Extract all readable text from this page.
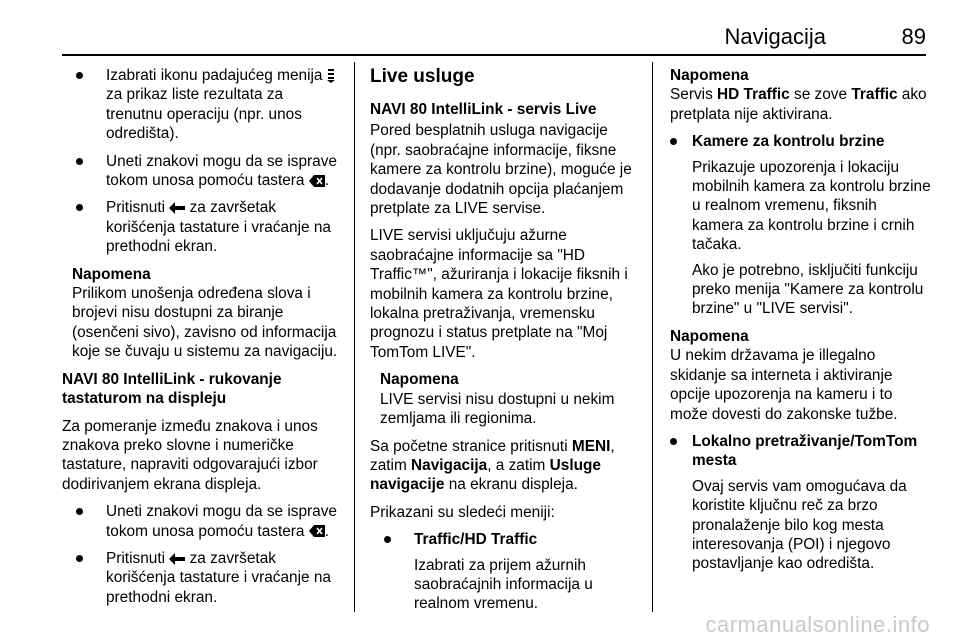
Navigacija	89
Izabrati ikonu padajućeg menija  za prikaz liste rezultata za trenutnu operaciju (npr. unos odredišta).
Uneti znakovi mogu da se isprave tokom unosa pomoću tastera .
Pritisnuti  za završetak korišćenja tastature i vraćanje na prethodni ekran.
Napomena
Prilikom unošenja određena slova i brojevi nisu dostupni za biranje (osenčeni sivo), zavisno od informacija koje se čuvaju u sistemu za navigaciju.

NAVI 80 IntelliLink - rukovanje tastaturom na displeju

Za pomeranje između znakova i unos znakova preko slovne i numeričke tastature, napraviti odgovarajući izbor dodirivanjem ekrana displeja.

Uneti znakovi mogu da se isprave tokom unosa pomoću tastera .
Pritisnuti  za završetak korišćenja tastature i vraćanje na prethodni ekran.
Live usluge

NAVI 80 IntelliLink - servis Live

Pored besplatnih usluga navigacije (npr. saobraćajne informacije, fiksne kamere za kontrolu brzine), moguće je dodavanje dodatnih opcija plaćanjem pretplate za LIVE servise.

LIVE servisi uključuju ažurne saobraćajne informacije sa "HD Traffic™", ažuriranja i lokacije fiksnih i mobilnih kamera za kontrolu brzine, lokalna pretraživanja, vremensku prognozu i status pretplate na "Moj TomTom LIVE".

Napomena
LIVE servisi nisu dostupni u nekim zemljama ili regionima.

Sa početne stranice pritisnuti MENI, zatim Navigacija, a zatim Usluge navigacije na ekranu displeja.

Prikazani su sledeći meniji:

Traffic/HD Traffic
Izabrati za prijem ažurnih saobraćajnih informacija u realnom vremenu.
Napomena
Servis HD Traffic se zove Traffic ako pretplata nije aktivirana.
Kamere za kontrolu brzine
Prikazuje upozorenja i lokaciju mobilnih kamera za kontrolu brzine u realnom vremenu, fiksnih kamera za kontrolu brzine i crnih tačaka.
Ako je potrebno, isključiti funkciju preko menija "Kamere za kontrolu brzine" u "LIVE servisi".
Napomena
U nekim državama je illegalno skidanje sa interneta i aktiviranje opcije upozorenja na kameru i to može dovesti do zakonske tužbe.
Lokalno pretraživanje/TomTom mesta
Ovaj servis vam omogućava da koristite ključnu reč za brzo pronalaženje bilo kog mesta interesovanja (POI) i njegovo postavljanje kao odredišta.
carmanualsonline.info
